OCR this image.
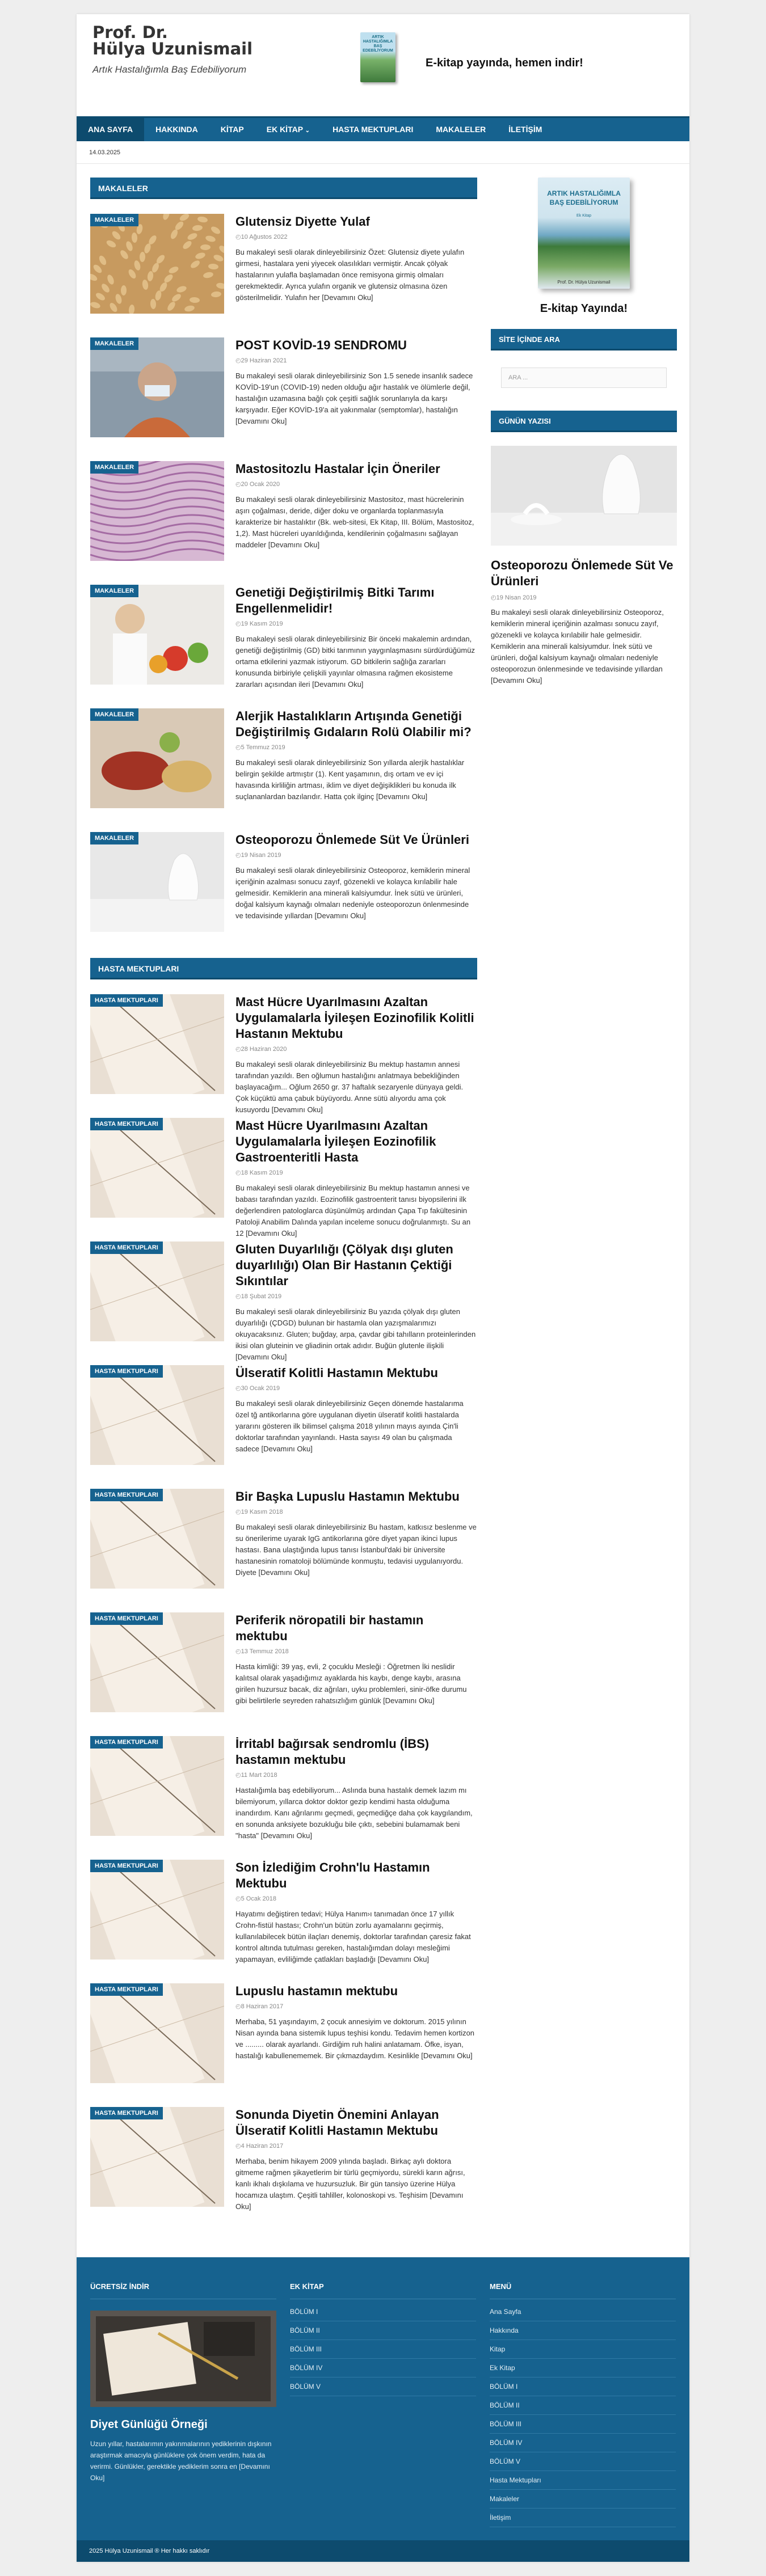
Prof. Dr.
Hülya Uzunismail
Artık Hastalığımla Baş Edebiliyorum
ARTIK HASTALIĞIMLA BAŞ EDEBİLİYORUM
E-kitap yayında, hemen indir!
ANA SAYFA	HAKKINDA	KİTAP	EK KİTAP ⌄	HASTA MEKTUPLARI	MAKALELER	İLETİŞİM
14.03.2025
MAKALELER
MAKALELER	Glutensiz Diyette Yulaf
◴ 10 Ağustos 2022

Bu makaleyi sesli olarak dinleyebilirsiniz Özet: Glutensiz diyete yulafın girmesi, hastalara yeni yiyecek olasılıkları vermiştir. Ancak çölyak hastalarının yulafla başlamadan önce remisyona girmiş olmaları gerekmektedir. Ayrıca yulafın organik ve glutensiz olmasına özen gösterilmelidir. Yulafın her [Devamını Oku]

MAKALELER	POST KOVİD-19 SENDROMU
◴ 29 Haziran 2021

Bu makaleyi sesli olarak dinleyebilirsiniz Son 1.5 senede insanlık sadece KOVİD-19'un (COVID-19) neden olduğu ağır hastalık ve ölümlerle değil, hastalığın uzamasına bağlı çok çeşitli sağlık sorunlarıyla da karşı karşıyadır. Eğer KOVİD-19'a ait yakınmalar (semptomlar), hastalığın [Devamını Oku]

MAKALELER	Mastositozlu Hastalar İçin Öneriler
◴ 20 Ocak 2020

Bu makaleyi sesli olarak dinleyebilirsiniz Mastositoz, mast hücrelerinin aşırı çoğalması, deride, diğer doku ve organlarda toplanmasıyla karakterize bir hastalıktır (Bk. web-sitesi, Ek Kitap, III. Bölüm, Mastositoz, 1,2). Mast hücreleri uyarıldığında, kendilerinin çoğalmasını sağlayan maddeler [Devamını Oku]

MAKALELER	Genetiği Değiştirilmiş Bitki Tarımı Engellenmelidir!
◴ 19 Kasım 2019

Bu makaleyi sesli olarak dinleyebilirsiniz Bir önceki makalemin ardından, genetiği değiştirilmiş (GD) bitki tarımının yaygınlaşmasını sürdürdüğümüz ortama etkilerini yazmak istiyorum. GD bitkilerin sağlığa zararları konusunda birbiriyle çelişkili yayınlar olmasına rağmen ekosisteme zararları açısından ileri [Devamını Oku]

MAKALELER	Alerjik Hastalıkların Artışında Genetiği Değiştirilmiş Gıdaların Rolü Olabilir mi?
◴ 5 Temmuz 2019

Bu makaleyi sesli olarak dinleyebilirsiniz Son yıllarda alerjik hastalıklar belirgin şekilde artmıştır (1). Kent yaşamının, dış ortam ve ev içi havasında kirliliğin artması, iklim ve diyet değişiklikleri bu konuda ilk suçlananlardan bazılarıdır. Hatta çok ilginç [Devamını Oku]

MAKALELER	Osteoporozu Önlemede Süt Ve Ürünleri
◴ 19 Nisan 2019

Bu makaleyi sesli olarak dinleyebilirsiniz Osteoporoz, kemiklerin mineral içeriğinin azalması sonucu zayıf, gözenekli ve kolayca kırılabilir hale gelmesidir. Kemiklerin ana minerali kalsiyumdur. İnek sütü ve ürünleri, doğal kalsiyum kaynağı olmaları nedeniyle osteoporozun önlenmesinde ve tedavisinde yıllardan [Devamını Oku]

HASTA MEKTUPLARI
HASTA MEKTUPLARI	Mast Hücre Uyarılmasını Azaltan Uygulamalarla İyileşen Eozinofilik Kolitli Hastanın Mektubu
◴ 28 Haziran 2020

Bu makaleyi sesli olarak dinleyebilirsiniz Bu mektup hastamın annesi tarafından yazıldı. Ben oğlumun hastalığını anlatmaya bebekliğinden başlayacağım... Oğlum 2650 gr. 37 haftalık sezaryenle dünyaya geldi. Çok küçüktü ama çabuk büyüyordu. Anne sütü alıyordu ama çok kusuyordu [Devamını Oku]

HASTA MEKTUPLARI	Mast Hücre Uyarılmasını Azaltan Uygulamalarla İyileşen Eozinofilik Gastroenteritli Hasta
◴ 18 Kasım 2019

Bu makaleyi sesli olarak dinleyebilirsiniz Bu mektup hastamın annesi ve babası tarafından yazıldı. Eozinofilik gastroenterit tanısı biyopsilerini ilk değerlendiren patologlarca düşünülmüş ardından Çapa Tıp fakültesinin Patoloji Anabilim Dalında yapılan inceleme sonucu doğrulanmıştı. Su an 12 [Devamını Oku]

HASTA MEKTUPLARI	Gluten Duyarlılığı (Çölyak dışı gluten duyarlılığı) Olan Bir Hastanın Çektiği Sıkıntılar
◴ 18 Şubat 2019

Bu makaleyi sesli olarak dinleyebilirsiniz Bu yazıda çölyak dışı gluten duyarlılığı (ÇDGD) bulunan bir hastamla olan yazışmalarımızı okuyacaksınız. Gluten; buğday, arpa, çavdar gibi tahılların proteinlerinden ikisi olan gluteinin ve gliadinin ortak adıdır. Buğün glutenle ilişkili [Devamını Oku]

HASTA MEKTUPLARI	Ülseratif Kolitli Hastamın Mektubu
◴ 30 Ocak 2019

Bu makaleyi sesli olarak dinleyebilirsiniz Geçen dönemde hastalarıma özel tğ antikorlarına göre uygulanan diyetin ülseratif kolitli hastalarda yararını gösteren ilk bilimsel çalışma 2018 yılının mayıs ayında Çin'li doktorlar tarafından yayınlandı. Hasta sayısı 49 olan bu çalışmada sadece [Devamını Oku]

HASTA MEKTUPLARI	Bir Başka Lupuslu Hastamın Mektubu
◴ 19 Kasım 2018

Bu makaleyi sesli olarak dinleyebilirsiniz Bu hastam, katkısız beslenme ve su önerilerime uyarak IgG antikorlarına göre diyet yapan ikinci lupus hastası. Bana ulaştığında lupus tanısı İstanbul'daki bir üniversite hastanesinin romatoloji bölümünde konmuştu, tedavisi uygulanıyordu. Diyete [Devamını Oku]

HASTA MEKTUPLARI	Periferik nöropatili bir hastamın mektubu
◴ 13 Temmuz 2018

Hasta kimliği: 39 yaş, evli, 2 çocuklu Mesleği : Öğretmen İki neslidir kalıtsal olarak yaşadığımız ayaklarda his kaybı, denge kaybı, arasına girilen huzursuz bacak, diz ağrıları, uyku problemleri, sinir-öfke durumu gibi belirtilerle seyreden rahatsızlığım günlük [Devamını Oku]

HASTA MEKTUPLARI	İrritabl bağırsak sendromlu (İBS) hastamın mektubu
◴ 11 Mart 2018

Hastalığımla baş edebiliyorum... Aslında buna hastalık demek lazım mı bilemiyorum, yıllarca doktor doktor gezip kendimi hasta olduğuma inandırdım. Kanı ağrılarımı geçmedi, geçmediğçe daha çok kaygılandım, en sonunda anksiyete bozukluğu bile çıktı, sebebini bulamamak beni "hasta" [Devamını Oku]

HASTA MEKTUPLARI	Son İzlediğim Crohn'lu Hastamın Mektubu
◴ 5 Ocak 2018

Hayatımı değiştiren tedavi; Hülya Hanım›ı tanımadan önce 17 yıllık Crohn-fistül hastası; Crohn'un bütün zorlu ayamalarını geçirmiş, kullanılabilecek bütün ilaçları denemiş, doktorlar tarafından çaresiz fakat kontrol altında tutulması gereken, hastalığımdan dolayı mesleğimi yapamayan, evliliğimde çatlakları başladığı [Devamını Oku]

HASTA MEKTUPLARI	Lupuslu hastamın mektubu
◴ 8 Haziran 2017

Merhaba, 51 yaşındayım, 2 çocuk annesiyim ve doktorum. 2015 yılının Nisan ayında bana sistemik lupus teşhisi kondu. Tedavim hemen kortizon ve ......... olarak ayarlandı. Girdiğim ruh halini anlatamam. Öfke, isyan, hastalığı kabullenememek. Bir çıkmazdaydım. Kesinlikle [Devamını Oku]

HASTA MEKTUPLARI	Sonunda Diyetin Önemini Anlayan Ülseratif Kolitli Hastamın Mektubu
◴ 4 Haziran 2017

Merhaba, benim hikayem 2009 yılında başladı. Birkaç aylı doktora gitmeme rağmen şikayetlerim bir türlü geçmiyordu, sürekli karın ağrısı, kanlı ikhalı dışkılama ve huzursuzluk. Bir gün tansiyo üzerine Hülya hocamıza ulaştım. Çeşitli tahliller, kolonoskopi vs. Teşhisim [Devamını Oku]

ARTIK HASTALIĞIMLA BAŞ EDEBİLİYORUM
Ek Kitap
Prof. Dr. Hülya Uzunismail
E-kitap Yayında!
SİTE İÇİNDE ARA
ARA ...
GÜNÜN YAZISI
Osteoporozu Önlemede Süt Ve Ürünleri
◴ 19 Nisan 2019
Bu makaleyi sesli olarak dinleyebilirsiniz Osteoporoz, kemiklerin mineral içeriğinin azalması sonucu zayıf, gözenekli ve kolayca kırılabilir hale gelmesidir. Kemiklerin ana minerali kalsiyumdur. İnek sütü ve ürünleri, doğal kalsiyum kaynağı olmaları nedeniyle osteoporozun önlenmesinde ve tedavisinde yıllardan [Devamını Oku]
ÜCRETSİZ İNDİR
Diyet Günlüğü Örneği
Uzun yıllar, hastalarımın yakınmalarının yediklerinin dışkının araştırmak amacıyla günlüklere çok önem verdim, hata da verirmi. Günlükler, gerektikle yediklerim sonra en [Devamını Oku]
EK KİTAP
BÖLÜM I
BÖLÜM II
BÖLÜM III
BÖLÜM IV
BÖLÜM V
MENÜ
Ana Sayfa
Hakkında
Kitap
Ek Kitap
BÖLÜM I
BÖLÜM II
BÖLÜM III
BÖLÜM IV
BÖLÜM V
Hasta Mektupları
Makaleler
İletişim
2025 Hülya Uzunismail ® Her hakkı saklıdır
